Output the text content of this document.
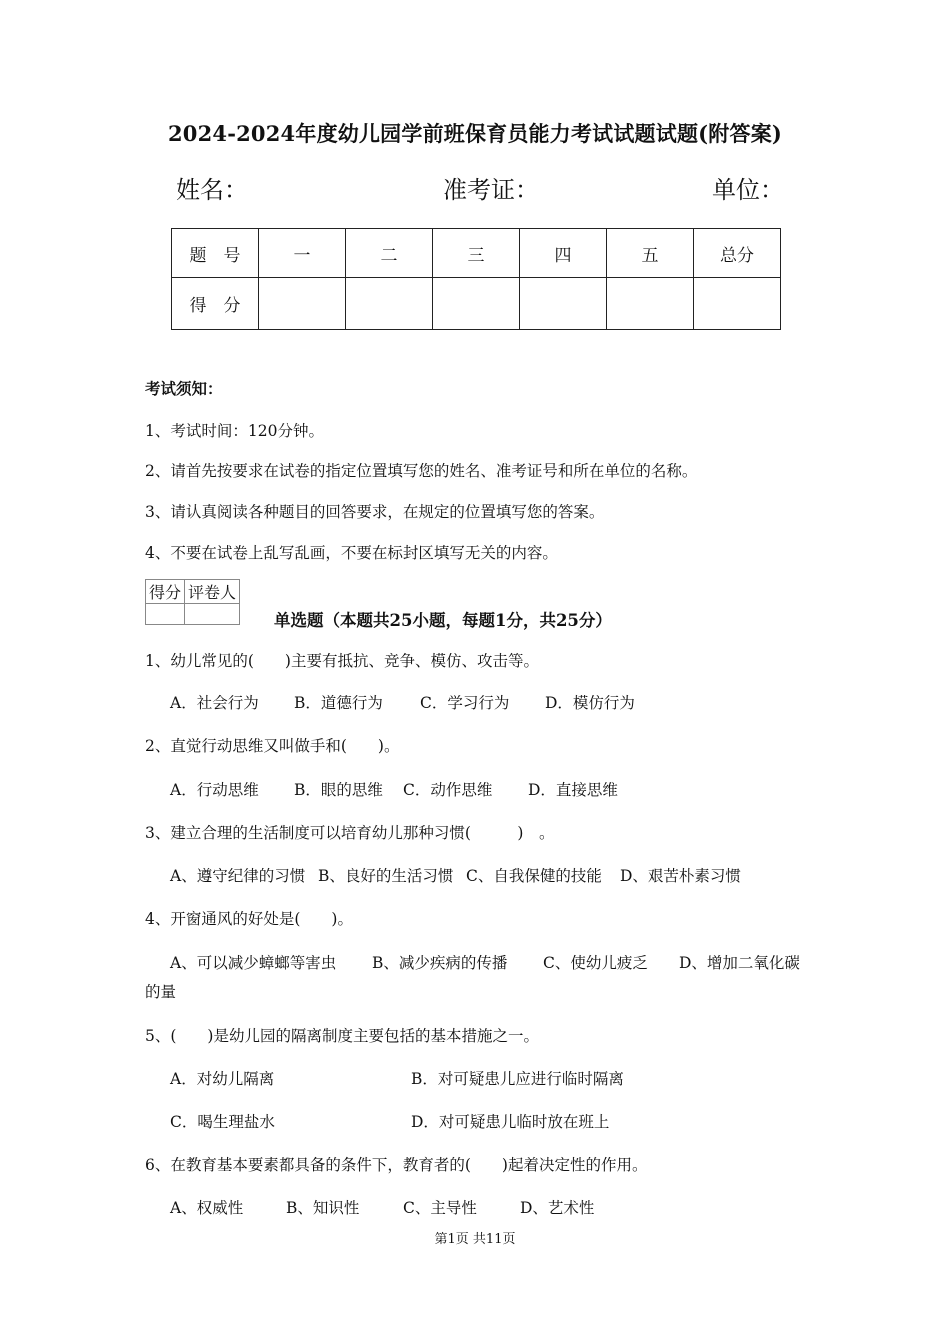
2024-2024年度幼儿园学前班保育员能力考试试题试题(附答案)
姓名：	准考证：	单位：
题　号	一	二	三	四	五	总分
得　分						
考试须知：
1、考试时间：120分钟。
2、请首先按要求在试卷的指定位置填写您的姓名、准考证号和所在单位的名称。
3、请认真阅读各种题目的回答要求，在规定的位置填写您的答案。
4、不要在试卷上乱写乱画，不要在标封区填写无关的内容。
得分	评卷人

单选题（本题共25小题，每题1分，共25分）
1、幼儿常见的(　　)主要有抵抗、竞争、模仿、攻击等。
A．社会行为 B．道德行为 C．学习行为 D．模仿行为
2、直觉行动思维又叫做手和(　　)。
A．行动思维 B．眼的思维 C．动作思维 D．直接思维
3、建立合理的生活制度可以培育幼儿那种习惯(　　　)　。
A、遵守纪律的习惯 B、良好的生活习惯 C、自我保健的技能 D、艰苦朴素习惯
4、开窗通风的好处是(　　)。
A、可以减少蟑螂等害虫 B、减少疾病的传播 C、使幼儿疲乏 D、增加二氧化碳
的量
5、(　　)是幼儿园的隔离制度主要包括的基本措施之一。
A．对幼儿隔离	B．对可疑患儿应进行临时隔离
C．喝生理盐水	D．对可疑患儿临时放在班上
6、在教育基本要素都具备的条件下，教育者的(　　)起着决定性的作用。
A、权威性	B、知识性	C、主导性	D、艺术性
第1页 共11页
